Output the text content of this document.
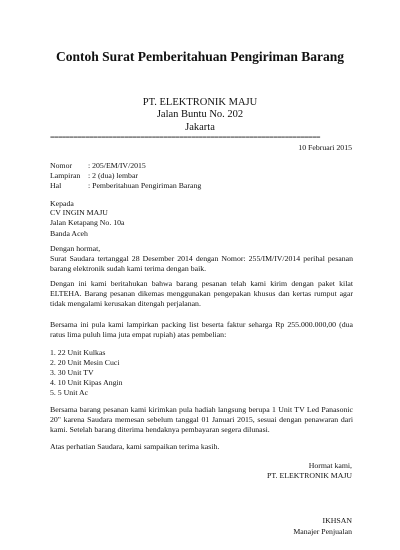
Contoh Surat Pemberitahuan Pengiriman Barang
PT. ELEKTRONIK MAJU
Jalan Buntu No. 202
Jakarta
=====================================================================
10 Februari 2015
Nomor : 205/EM/IV/2015
Lampiran : 2 (dua) lembar
Hal	: Pemberitahuan Pengiriman Barang
Kepada
CV INGIN MAJU
Jalan Ketapang No. 10a
Banda Aceh
Dengan hormat,
Surat Saudara tertanggal 28 Desember 2014 dengan Nomor: 255/IM/IV/2014 perihal pesanan barang elektronik sudah kami terima dengan baik.
Dengan ini kami beritahukan bahwa barang pesanan telah kami kirim dengan paket kilat ELTEHA. Barang pesanan dikemas menggunakan pengepakan khusus dan kertas rumput agar tidak mengalami kerusakan ditengah perjalanan.
Bersama ini pula kami lampirkan packing list beserta faktur seharga Rp 255.000.000,00 (dua ratus lima puluh lima juta empat rupiah) atas pembelian:
1. 22 Unit Kulkas
2. 20 Unit Mesin Cuci
3. 30 Unit TV
4. 10 Unit Kipas Angin
5. 5 Unit Ac
Bersama barang pesanan kami kirimkan pula hadiah langsung berupa 1 Unit TV Led Panasonic 20" karena Saudara memesan sebelum tanggal 01 Januari 2015, sesuai dengan penawaran dari kami. Setelah barang diterima hendaknya pembayaran segera dilunasi.
Atas perhatian Saudara, kami sampaikan terima kasih.
Hormat kami,
PT. ELEKTRONIK MAJU
IKHSAN
Manajer Penjualan
